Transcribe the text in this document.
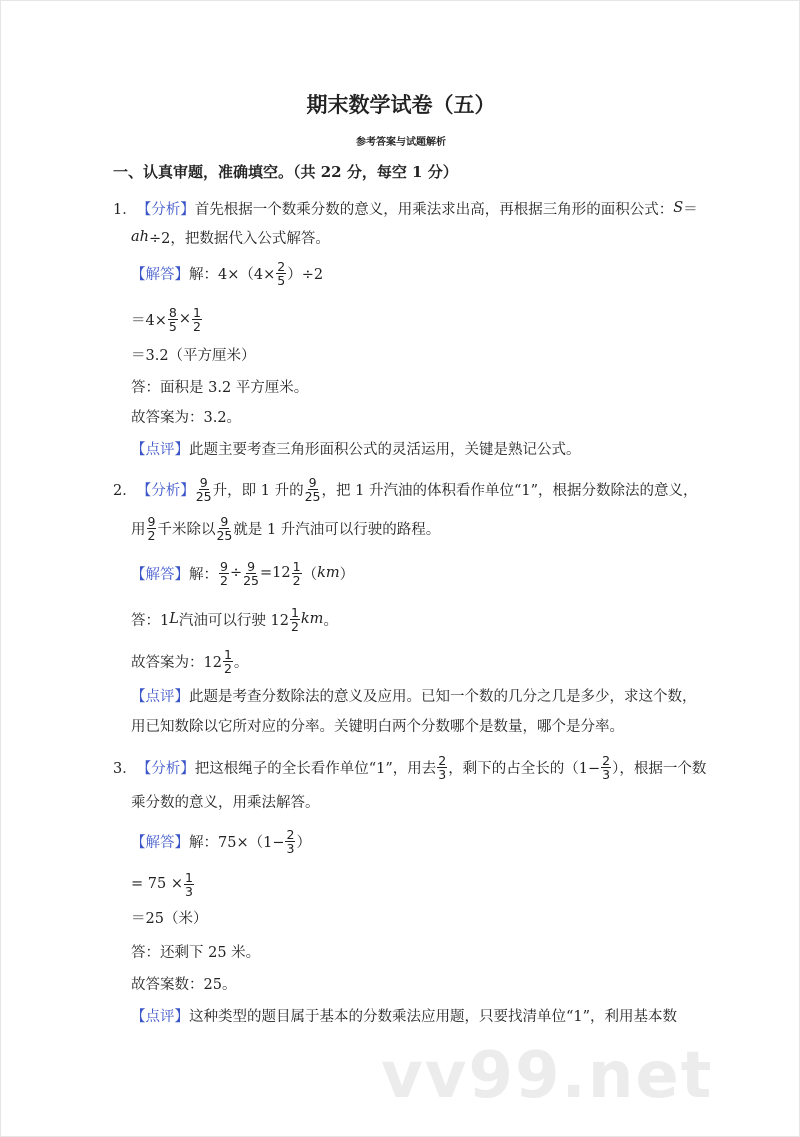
vv99.net
期末数学试卷（五）
参考答案与试题解析
一、认真审题，准确填空。（共 22 分，每空 1 分）
1． 【分析】 首先根据一个数乘分数的意义，用乘法求出高，再根据三角形的面积公式： S ＝
ah ÷2，把数据代入公式解答。
【解答】 解：$4\times(4\times \frac{2}{5} )\div 2$
$=4\times \frac{8}{5} \times \frac{1}{2}$
＝3.2（平方厘米）
答：面积是 3.2 平方厘米。
故答案为：3.2。
【点评】 此题主要考查三角形面积公式的灵活运用，关键是熟记公式。
2． 【分析】 $\frac{9}{25}$ 升，即 1 升的 $\frac{9}{25}$ ，把 1 升汽油的体积看作单位“1”，根据分数除法的意义，
用 $\frac{9}{2}$ 千米除以 $\frac{9}{25}$ 就是 1 升汽油可以行驶的路程。
【解答】 解： $\frac{9}{2} \div \frac{9}{25} =12 \frac{1}{2}$ （ km ）
答：1 L 汽油可以行驶 $12 \frac{1}{2}$ km 。
故答案为：$12 \frac{1}{2}$ 。
【点评】 此题是考查分数除法的意义及应用。已知一个数的几分之几是多少，求这个数，
用已知数除以它所对应的分率。关键明白两个分数哪个是数量，哪个是分率。
3． 【分析】 把这根绳子的全长看作单位“1”，用去 $\frac{2}{3}$ ，剩下的占全长的（$1- \frac{2}{3}$ ），根据一个数
乘分数的意义，用乘法解答。
【解答】 解：$75\times(1- \frac{2}{3}$ ）
= $75 \times \frac{1}{3}$
＝25（米）
答：还剩下 25 米。
故答案数：25。
【点评】 这种类型的题目属于基本的分数乘法应用题，只要找清单位“1”，利用基本数
